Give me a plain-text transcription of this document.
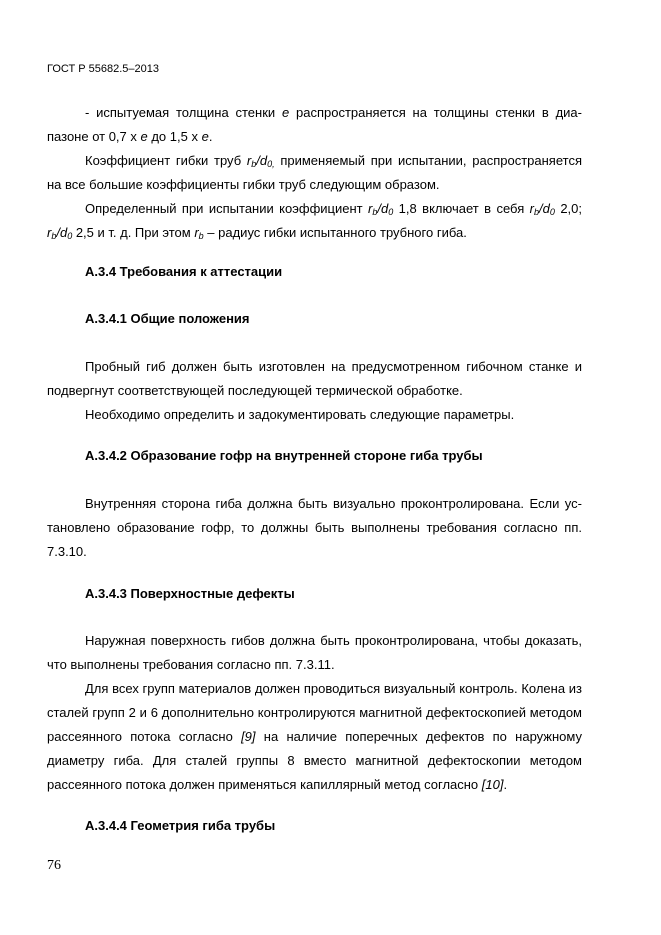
ГОСТ Р 55682.5–2013

- испытуемая толщина стенки e распространяется на толщины стенки в диапазоне от 0,7 х e до 1,5 х e.

Коэффициент гибки труб $r_b/d_{0,}$ применяемый при испытании, распространяется на все большие коэффициенты гибки труб следующим образом.

Определенный при испытании коэффициент $r_b/d_0$ 1,8 включает в себя $r_b/d_0$ 2,0; $r_b/d_0$ 2,5 и т. д. При этом $r_b$ – радиус гибки испытанного трубного гиба.

А.3.4 Требования к аттестации
А.3.4.1 Общие положения

Пробный гиб должен быть изготовлен на предусмотренном гибочном станке и подвергнут соответствующей последующей термической обработке.

Необходимо определить и задокументировать следующие параметры.

А.3.4.2 Образование гофр на внутренней стороне гиба трубы

Внутренняя сторона гиба должна быть визуально проконтролирована. Если установлено образование гофр, то должны быть выполнены требования согласно пп. 7.3.10.

А.3.4.3 Поверхностные дефекты

Наружная поверхность гибов должна быть проконтролирована, чтобы доказать, что выполнены требования согласно пп. 7.3.11.

Для всех групп материалов должен проводиться визуальный контроль. Колена из сталей групп 2 и 6 дополнительно контролируются магнитной дефектоскопией методом рассеянного потока согласно [9] на наличие поперечных дефектов по наружному диаметру гиба. Для сталей группы 8 вместо магнитной дефектоскопии методом рассеянного потока должен применяться капиллярный метод согласно [10].

А.3.4.4 Геометрия гиба трубы
76
